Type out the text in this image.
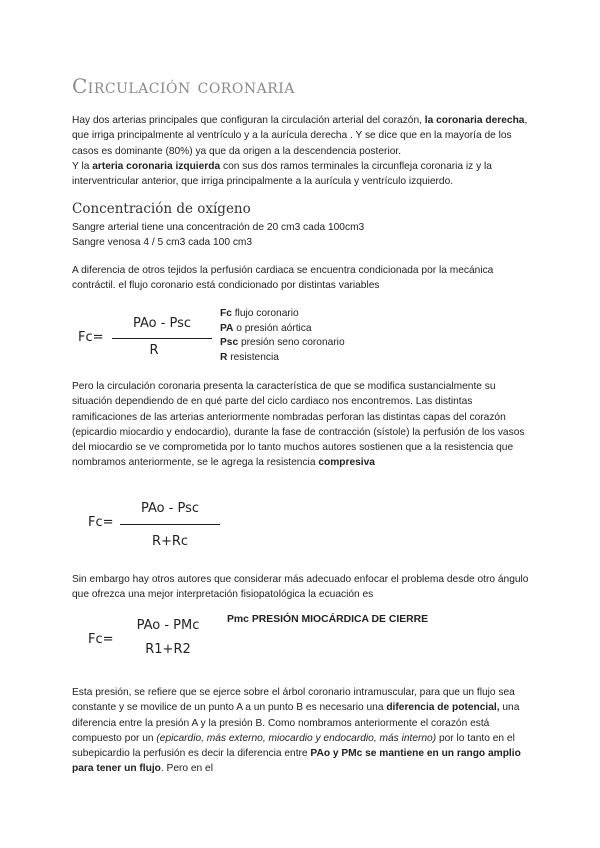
Circulación coronaria

Hay dos arterias principales que configuran la circulación arterial del corazón, la coronaria derecha, que irriga principalmente al ventrículo y a la aurícula derecha . Y se dice que en la mayoría de los casos es dominante (80%) ya que da origen a la descendencia posterior.
Y la arteria coronaria izquierda con sus dos ramos terminales la circunfleja coronaria iz y la interventricular anterior, que irriga principalmente a la aurícula y ventrículo izquierdo.

Concentración de oxígeno

Sangre arterial tiene una concentración de 20 cm3 cada 100cm3
Sangre venosa 4 / 5 cm3 cada 100 cm3

A diferencia de otros tejidos la perfusión cardiaca se encuentra condicionada por la mecánica contráctil. el flujo coronario está condicionado por distintas variables

Fc=
PAo - Psc
R
Fc flujo coronario
PA o presión aórtica
Psc presión seno coronario
R resistencia

Pero la circulación coronaria presenta la característica de que se modifica sustancialmente su situación dependiendo de en qué parte del ciclo cardiaco nos encontremos. Las distintas ramificaciones de las arterias anteriormente nombradas perforan las distintas capas del corazón (epicardio miocardio y endocardio), durante la fase de contracción (sístole) la perfusión de los vasos del miocardio se ve comprometida por lo tanto muchos autores sostienen que a la resistencia que nombramos anteriormente, se le agrega la resistencia compresiva

Fc=
PAo - Psc
R+Rc

Sin embargo hay otros autores que considerar más adecuado enfocar el problema desde otro ángulo que ofrezca una mejor interpretación fisiopatológica la ecuación es

Fc=
PAo - PMc
R1+R2
Pmc PRESIÓN MIOCÁRDICA DE CIERRE

Esta presión, se refiere que se ejerce sobre el árbol coronario intramuscular, para que un flujo sea constante y se movilice de un punto A a un punto B es necesario una diferencia de potencial, una diferencia entre la presión A y la presión B. Como nombramos anteriormente el corazón está compuesto por un (epicardio, más externo, miocardio y endocardio, más interno) por lo tanto en el subepicardio la perfusión es decir la diferencia entre PAo y PMc se mantiene en un rango amplio para tener un flujo. Pero en el
